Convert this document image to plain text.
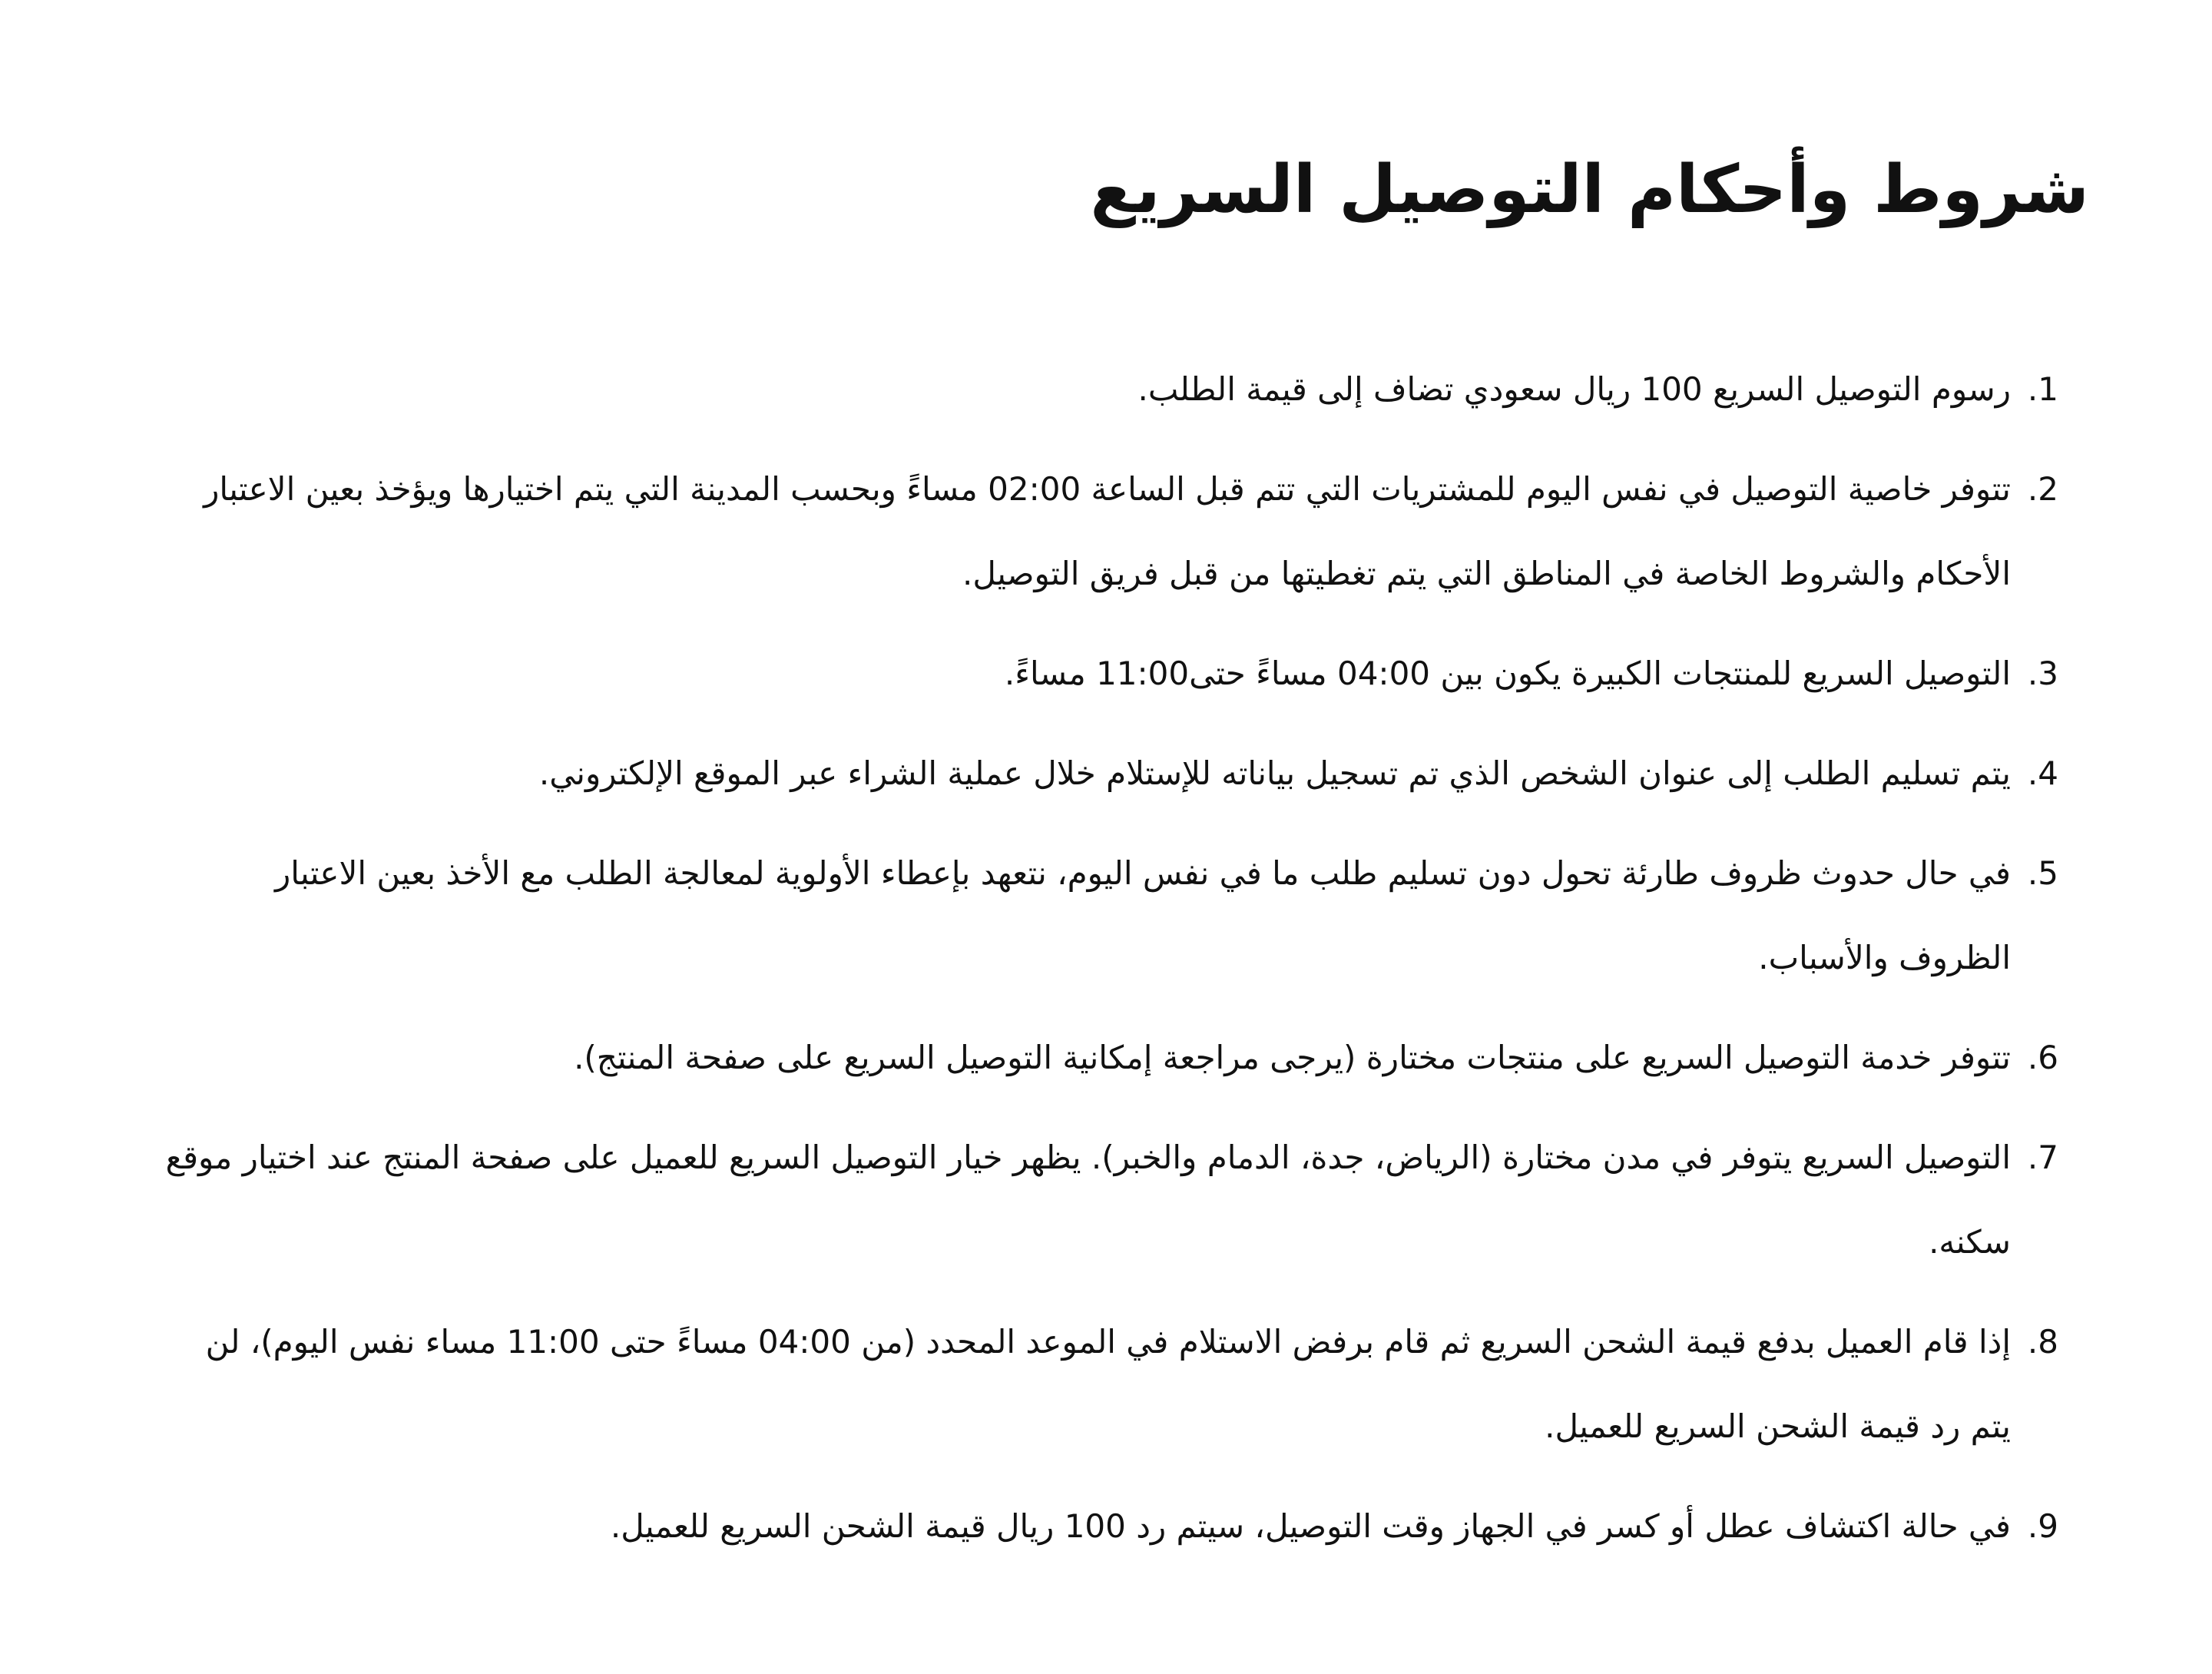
شروط وأحكام التوصيل السريع
1.
رسوم التوصيل السريع 100 ريال سعودي تضاف إلى قيمة الطلب.
2.
تتوفر خاصية التوصيل في نفس اليوم للمشتريات التي تتم قبل الساعة 02:00 مساءً وبحسب المدينة التي يتم اختيارها ويؤخذ بعين الاعتبار الأحكام والشروط الخاصة في المناطق التي يتم تغطيتها من قبل فريق التوصيل.
3.
التوصيل السريع للمنتجات الكبيرة يكون بين 04:00 مساءً حتى11:00 مساءً.
4.
يتم تسليم الطلب إلى عنوان الشخص الذي تم تسجيل بياناته للإستلام خلال عملية الشراء عبر الموقع الإلكتروني.
5.
في حال حدوث ظروف طارئة تحول دون تسليم طلب ما في نفس اليوم، نتعهد بإعطاء الأولوية لمعالجة الطلب مع الأخذ بعين الاعتبار الظروف والأسباب.
6.
تتوفر خدمة التوصيل السريع على منتجات مختارة (يرجى مراجعة إمكانية التوصيل السريع على صفحة المنتج).
7.
التوصيل السريع يتوفر في مدن مختارة (الرياض، جدة، الدمام والخبر). يظهر خيار التوصيل السريع للعميل على صفحة المنتج عند اختيار موقع سكنه.
8.
إذا قام العميل بدفع قيمة الشحن السريع ثم قام برفض الاستلام في الموعد المحدد (من 04:00 مساءً حتى 11:00 مساء نفس اليوم)، لن يتم رد قيمة الشحن السريع للعميل.
9.
في حالة اكتشاف عطل أو كسر في الجهاز وقت التوصيل، سيتم رد 100 ريال قيمة الشحن السريع للعميل.
